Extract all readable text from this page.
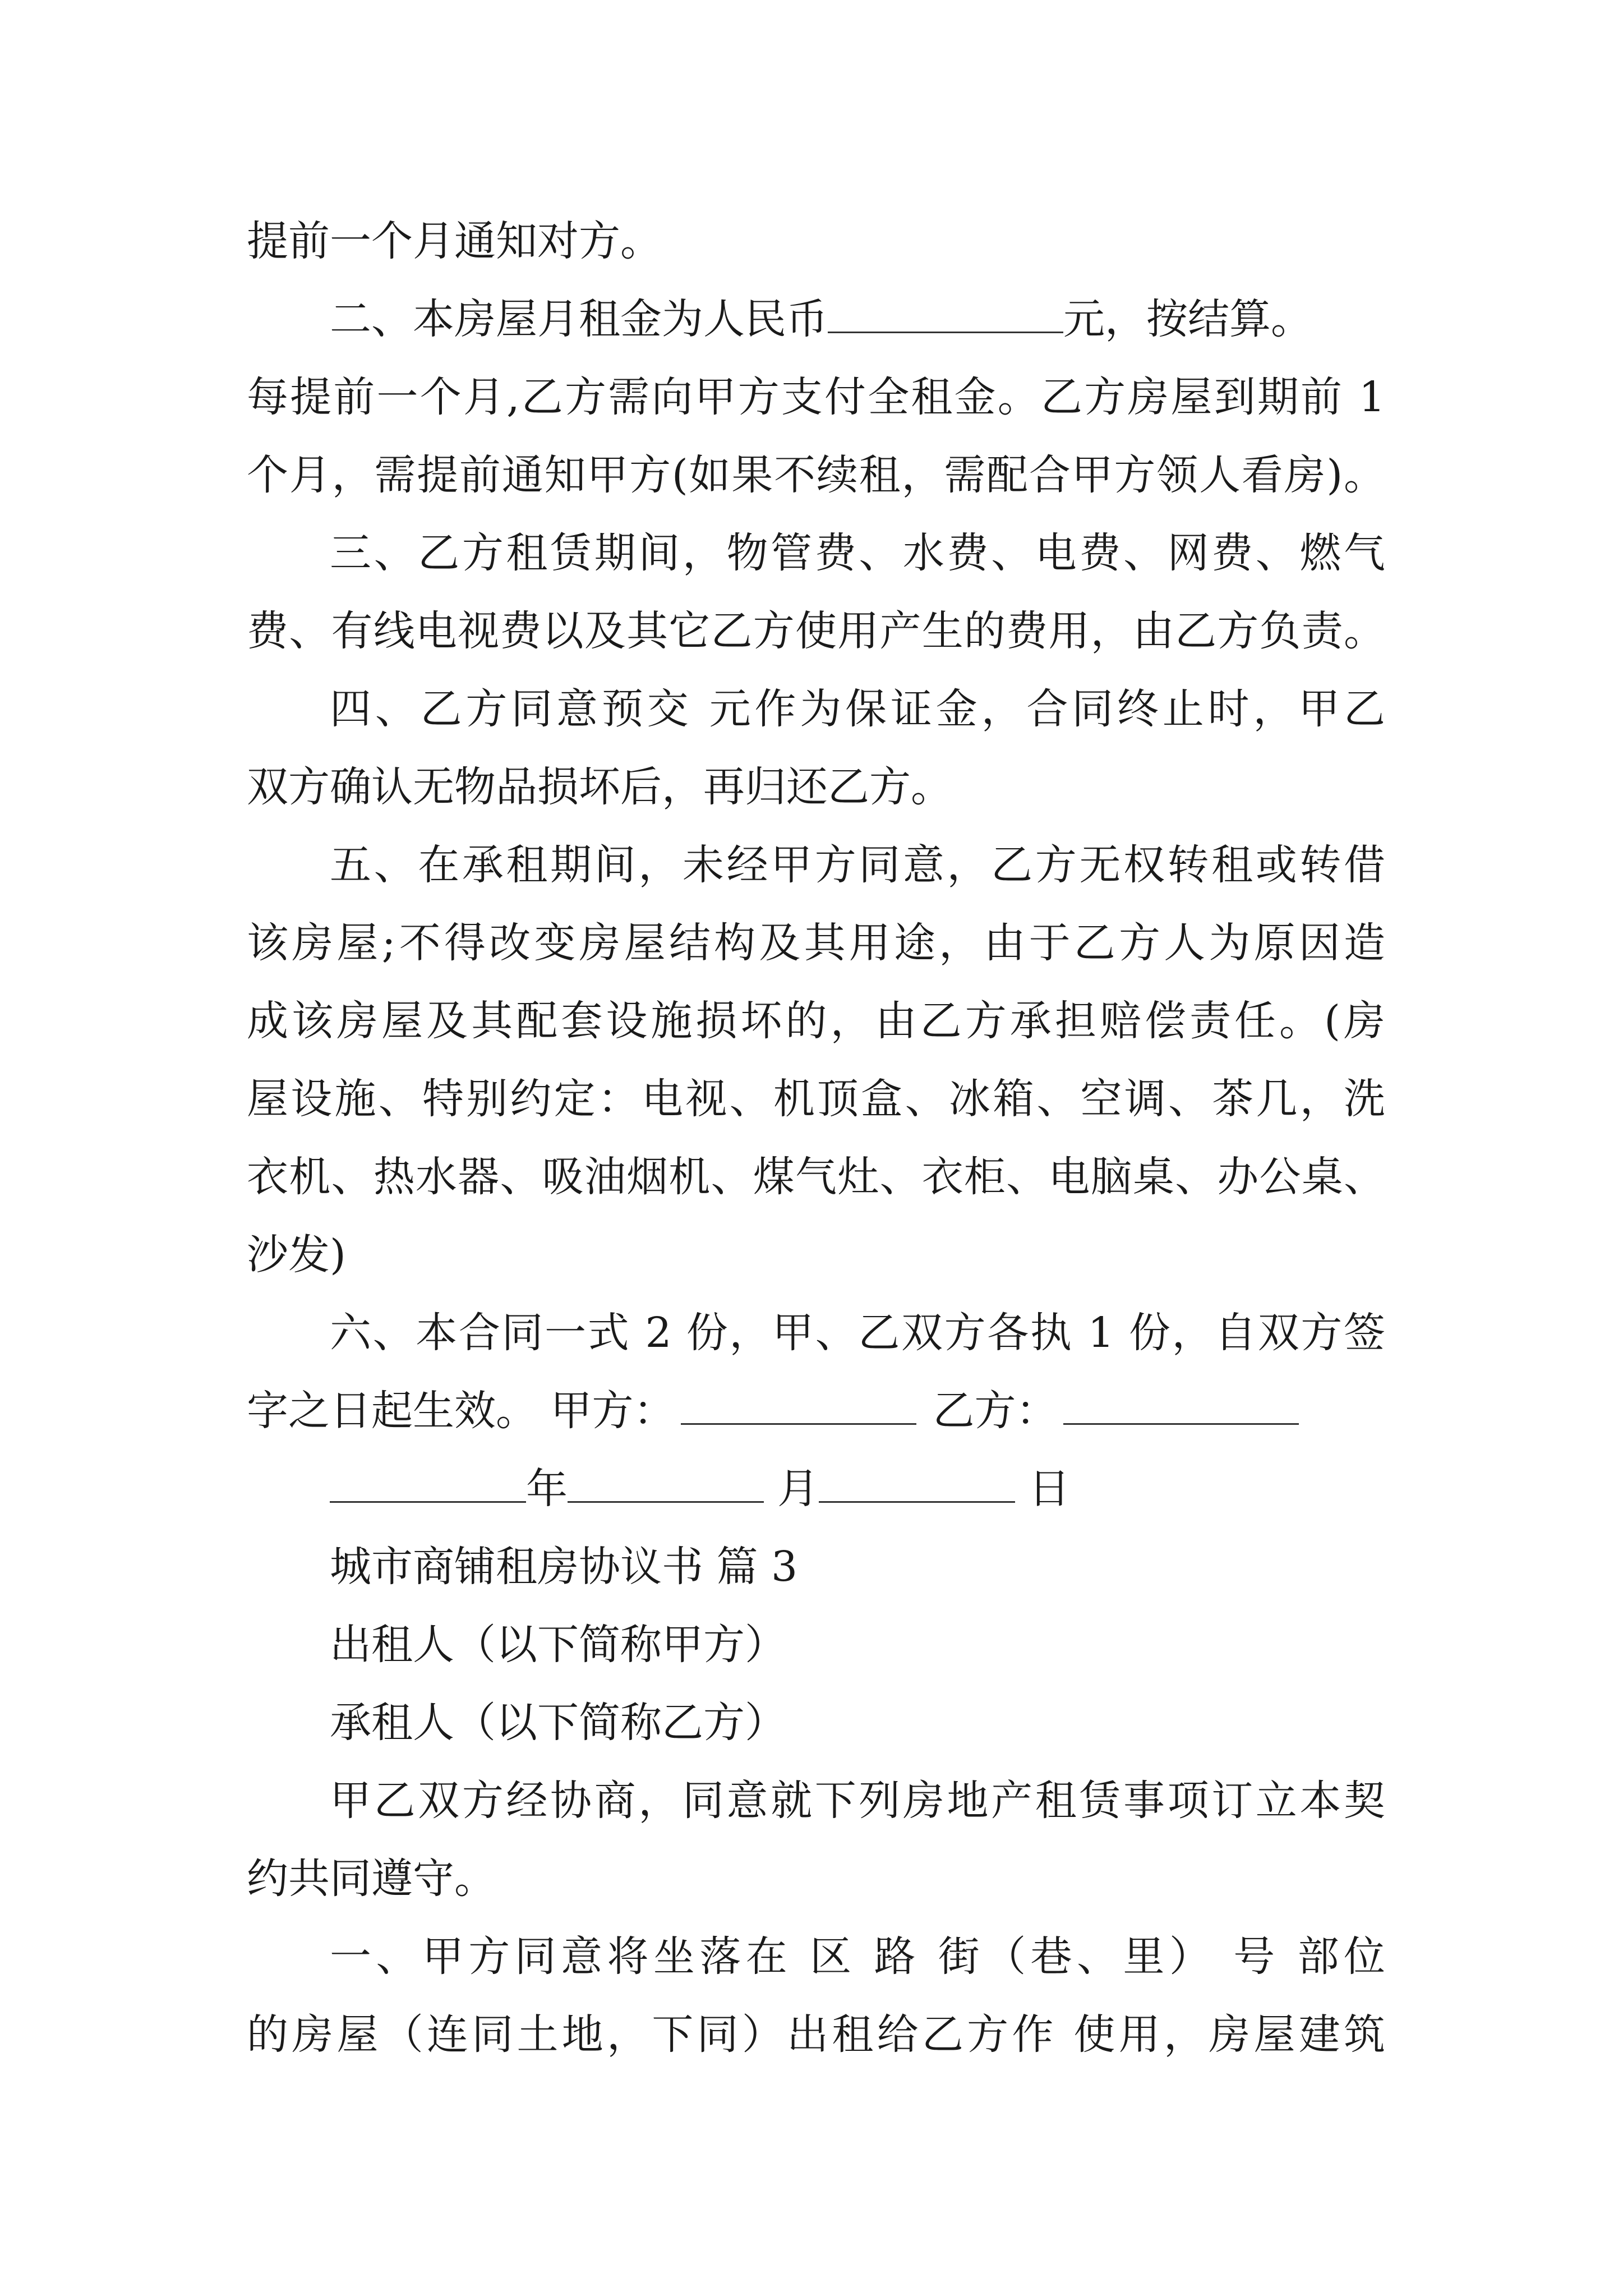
提前一个月通知对方。
二、本房屋月租金为人民币	元，按结算。
每提前一个月,乙方需向甲方支付全租金。乙方房屋到期前 1
个月，需提前通知甲方(如果不续租，需配合甲方领人看房)。
三、乙方租赁期间，物管费、水费、电费、网费、燃气
费、有线电视费以及其它乙方使用产生的费用，由乙方负责。
四、乙方同意预交 元作为保证金，合同终止时，甲乙
双方确认无物品损坏后，再归还乙方。
五、在承租期间，未经甲方同意，乙方无权转租或转借
该房屋;不得改变房屋结构及其用途，由于乙方人为原因造
成该房屋及其配套设施损坏的，由乙方承担赔偿责任。(房
屋设施、特别约定：电视、机顶盒、冰箱、空调、茶几，洗
衣机、热水器、吸油烟机、煤气灶、衣柜、电脑桌、办公桌、
沙发)
六、本合同一式 2 份，甲、乙双方各执 1 份，自双方签
字之日起生效。 甲方：	乙方：
年	月	日
城市商铺租房协议书 篇 3
出租人（以下简称甲方）
承租人（以下简称乙方）
甲乙双方经协商，同意就下列房地产租赁事项订立本契
约共同遵守。
一、甲方同意将坐落在 区 路 街（巷、里） 号 部位
的房屋（连同土地，下同）出租给乙方作 使用，房屋建筑
